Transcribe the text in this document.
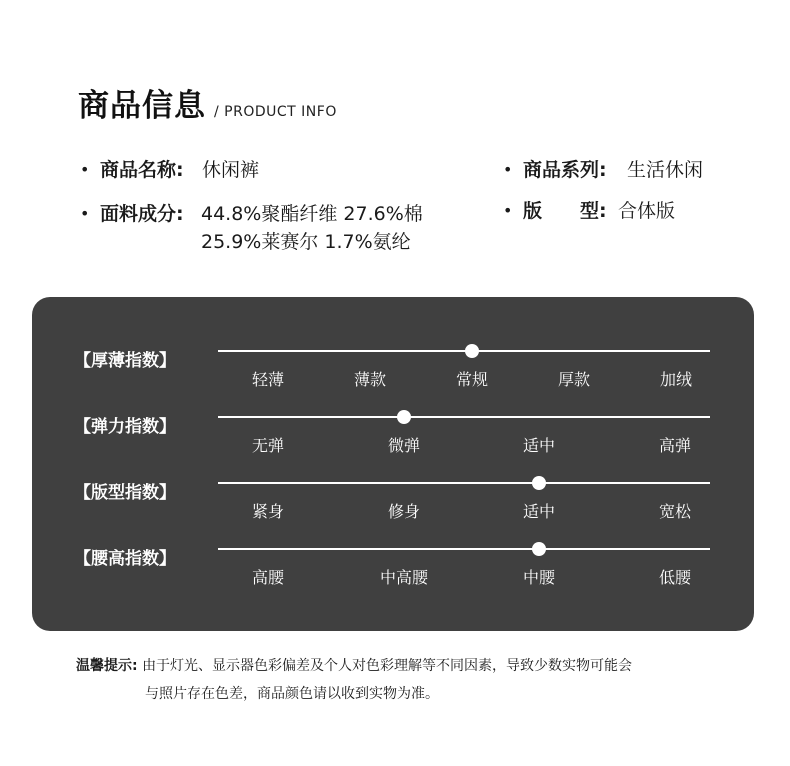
商品信息 / PRODUCT INFO
• 商品名称: 休闲裤	• 商品系列: 生活休闲
• 面料成分: 44.8%聚酯纤维 27.6%棉
25.9%莱赛尔 1.7%氨纶
• 版　　型: 合体版
【厚薄指数】
轻薄	薄款	常规	厚款	加绒
【弹力指数】
无弹	微弹	适中	高弹
【版型指数】
紧身	修身	适中	宽松
【腰高指数】
高腰	中高腰	中腰	低腰
温馨提示: 由于灯光、显示器色彩偏差及个人对色彩理解等不同因素，导致少数实物可能会
与照片存在色差，商品颜色请以收到实物为准。
